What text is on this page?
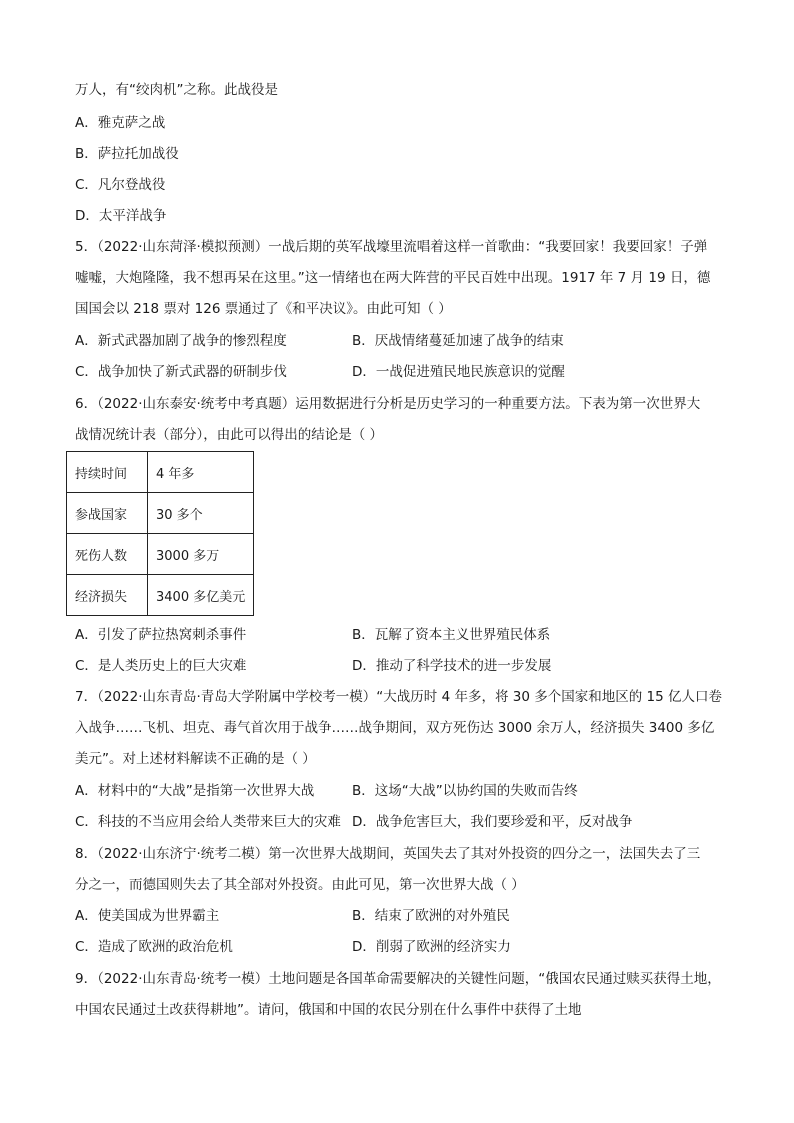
万人，有“绞肉机”之称。此战役是
A．雅克萨之战
B．萨拉托加战役
C．凡尔登战役
D．太平洋战争
5．（2022·山东菏泽·模拟预测）一战后期的英军战壕里流唱着这样一首歌曲：“我要回家！我要回家！子弹
嘘嘘，大炮隆隆，我不想再呆在这里。”这一情绪也在两大阵营的平民百姓中出现。1917 年 7 月 19 日，德
国国会以 218 票对 126 票通过了《和平决议》。由此可知（ ）
A．新式武器加剧了战争的惨烈程度	B．厌战情绪蔓延加速了战争的结束
C．战争加快了新式武器的研制步伐	D．一战促进殖民地民族意识的觉醒
6．（2022·山东泰安·统考中考真题）运用数据进行分析是历史学习的一种重要方法。下表为第一次世界大
战情况统计表（部分），由此可以得出的结论是（ ）
持续时间	4 年多
参战国家	30 多个
死伤人数	3000 多万
经济损失	3400 多亿美元
A．引发了萨拉热窝刺杀事件	B．瓦解了资本主义世界殖民体系
C．是人类历史上的巨大灾难	D．推动了科学技术的进一步发展
7．（2022·山东青岛·青岛大学附属中学校考一模）“大战历时 4 年多，将 30 多个国家和地区的 15 亿人口卷
入战争……飞机、坦克、毒气首次用于战争……战争期间，双方死伤达 3000 余万人，经济损失 3400 多亿
美元”。对上述材料解读不正确的是（ ）
A．材料中的“大战”是指第一次世界大战	B．这场“大战”以协约国的失败而告终
C．科技的不当应用会给人类带来巨大的灾难 D．战争危害巨大，我们要珍爱和平，反对战争
8．（2022·山东济宁·统考二模）第一次世界大战期间，英国失去了其对外投资的四分之一，法国失去了三
分之一，而德国则失去了其全部对外投资。由此可见，第一次世界大战（ ）
A．使美国成为世界霸主	B．结束了欧洲的对外殖民
C．造成了欧洲的政治危机	D．削弱了欧洲的经济实力
9．（2022·山东青岛·统考一模）土地问题是各国革命需要解决的关键性问题，“俄国农民通过赎买获得土地，
中国农民通过土改获得耕地”。请问，俄国和中国的农民分别在什么事件中获得了土地
